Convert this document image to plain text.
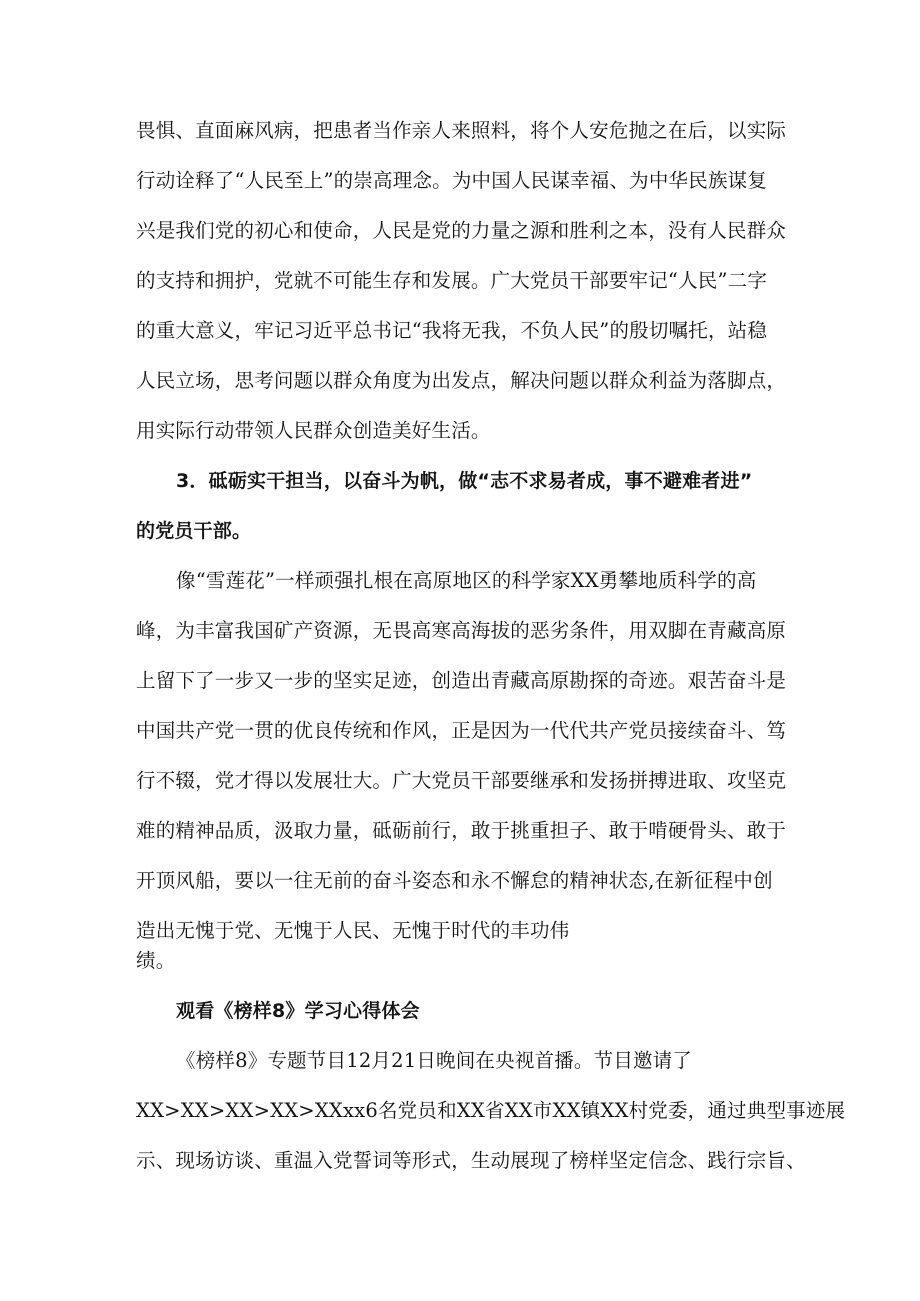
畏惧、直面麻风病，把患者当作亲人来照料，将个人安危抛之在后，以实际
行动诠释了“人民至上”的崇高理念。为中国人民谋幸福、为中华民族谋复
兴是我们党的初心和使命，人民是党的力量之源和胜利之本，没有人民群众
的支持和拥护，党就不可能生存和发展。广大党员干部要牢记“人民”二字
的重大意义，牢记习近平总书记“我将无我，不负人民”的殷切嘱托，站稳
人民立场，思考问题以群众角度为出发点，解决问题以群众利益为落脚点，
用实际行动带领人民群众创造美好生活。
3．砥砺实干担当，以奋斗为帆，做“志不求易者成，事不避难者进”
的党员干部。
像“雪莲花”一样顽强扎根在高原地区的科学家XX勇攀地质科学的高
峰，为丰富我国矿产资源，无畏高寒高海拔的恶劣条件，用双脚在青藏高原
上留下了一步又一步的坚实足迹，创造出青藏高原勘探的奇迹。艰苦奋斗是
中国共产党一贯的优良传统和作风，正是因为一代代共产党员接续奋斗、笃
行不辍，党才得以发展壮大。广大党员干部要继承和发扬拼搏进取、攻坚克
难的精神品质，汲取力量，砥砺前行，敢于挑重担子、敢于啃硬骨头、敢于
开顶风船，要以一往无前的奋斗姿态和永不懈怠的精神状态,在新征程中创
造出无愧于党、无愧于人民、无愧于时代的丰功伟
绩。
观看《榜样8》学习心得体会
《榜样8》专题节目12月21日晚间在央视首播。节目邀请了
XX>XX>XX>XX>XXxx6名党员和XX省XX市XX镇XX村党委，通过典型事迹展
示、现场访谈、重温入党誓词等形式，生动展现了榜样坚定信念、践行宗旨、
